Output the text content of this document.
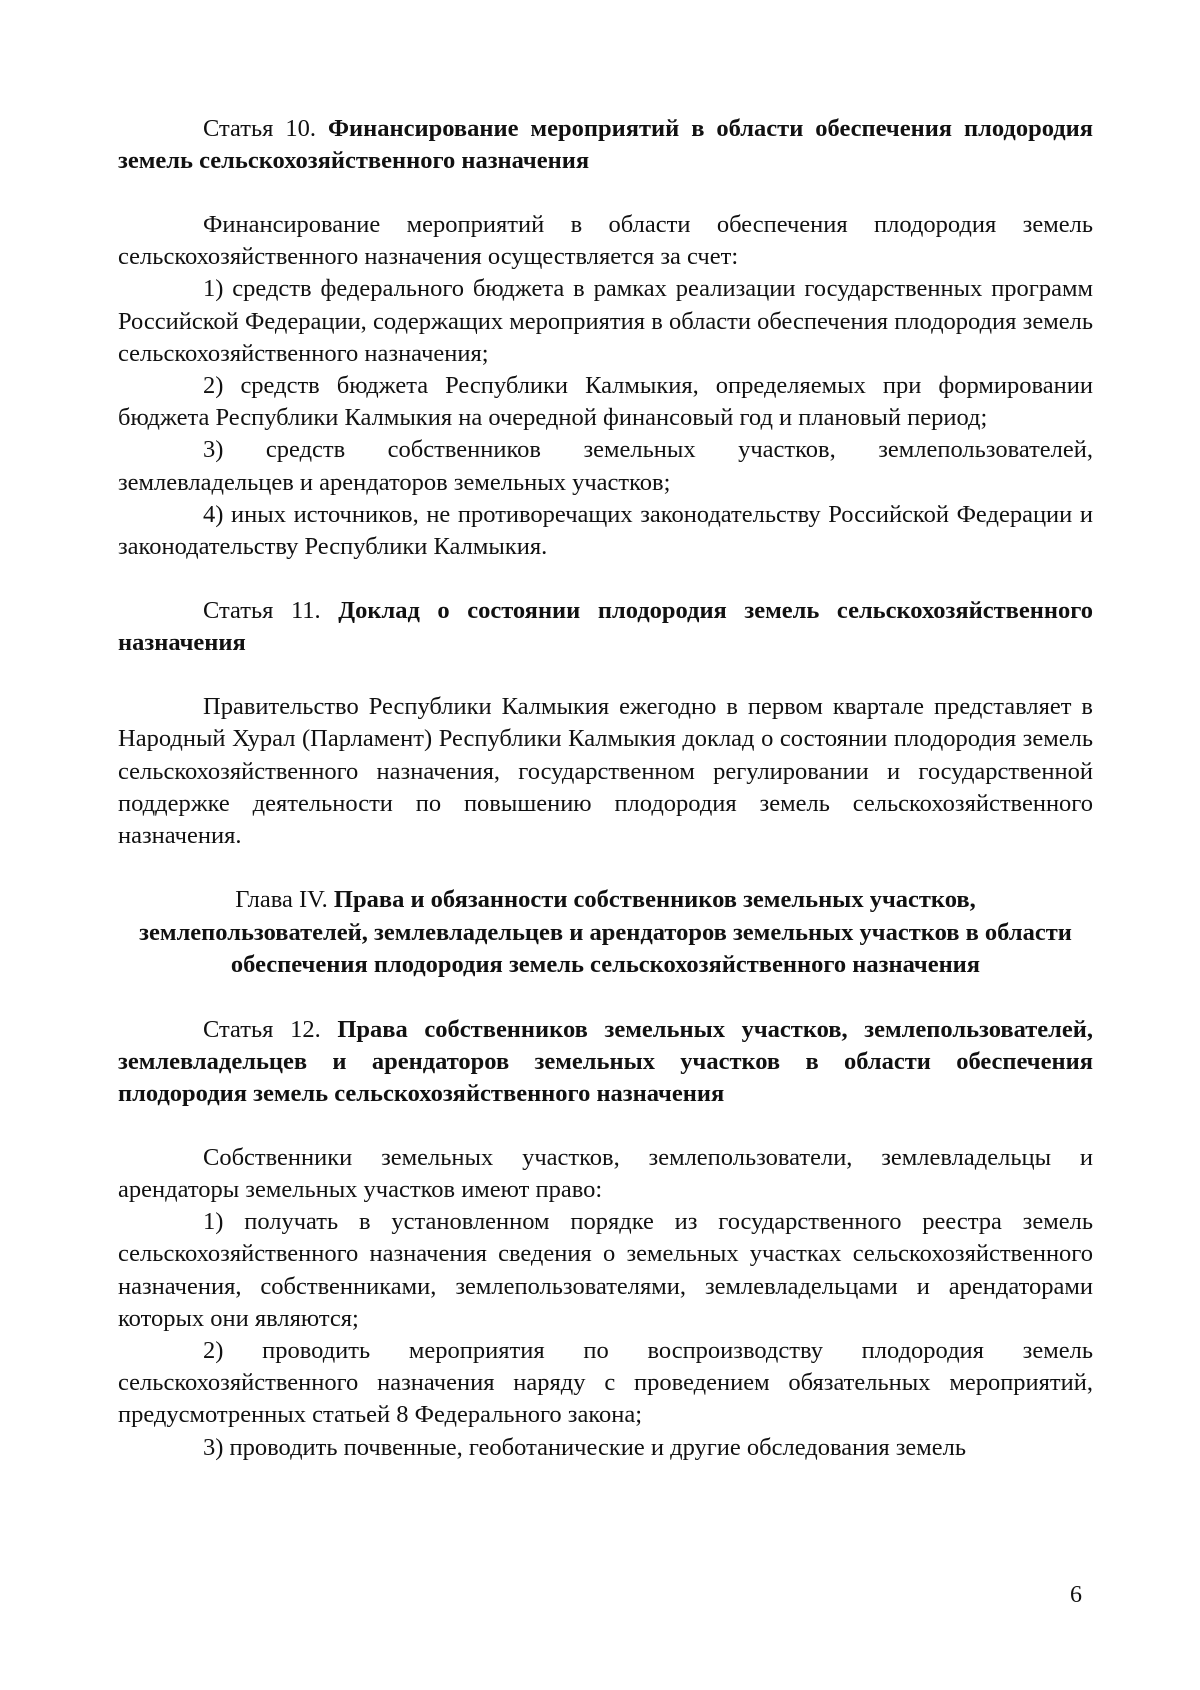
Статья 10. Финансирование мероприятий в области обеспечения плодородия земель сельскохозяйственного назначения

Финансирование мероприятий в области обеспечения плодородия земель сельскохозяйственного назначения осуществляется за счет:

1) средств федерального бюджета в рамках реализации государственных программ Российской Федерации, содержащих мероприятия в области обеспечения плодородия земель сельскохозяйственного назначения;

2) средств бюджета Республики Калмыкия, определяемых при формировании бюджета Республики Калмыкия на очередной финансовый год и плановый период;

3) средств собственников земельных участков, землепользователей, землевладельцев и арендаторов земельных участков;

4) иных источников, не противоречащих законодательству Российской Федерации и законодательству Республики Калмыкия.

Статья 11. Доклад о состоянии плодородия земель сельскохозяйственного назначения

Правительство Республики Калмыкия ежегодно в первом квартале представляет в Народный Хурал (Парламент) Республики Калмыкия доклад о состоянии плодородия земель сельскохозяйственного назначения, государственном регулировании и государственной поддержке деятельности по повышению плодородия земель сельскохозяйственного назначения.

Глава IV. Права и обязанности собственников земельных участков, землепользователей, землевладельцев и арендаторов земельных участков в области обеспечения плодородия земель сельскохозяйственного назначения

Статья 12. Права собственников земельных участков, землепользователей, землевладельцев и арендаторов земельных участков в области обеспечения плодородия земель сельскохозяйственного назначения

Собственники земельных участков, землепользователи, землевладельцы и арендаторы земельных участков имеют право:

1) получать в установленном порядке из государственного реестра земель сельскохозяйственного назначения сведения о земельных участках сельскохозяйственного назначения, собственниками, землепользователями, землевладельцами и арендаторами которых они являются;

2) проводить мероприятия по воспроизводству плодородия земель сельскохозяйственного назначения наряду с проведением обязательных мероприятий, предусмотренных статьей 8 Федерального закона;

3) проводить почвенные, геоботанические и другие обследования земель

6
